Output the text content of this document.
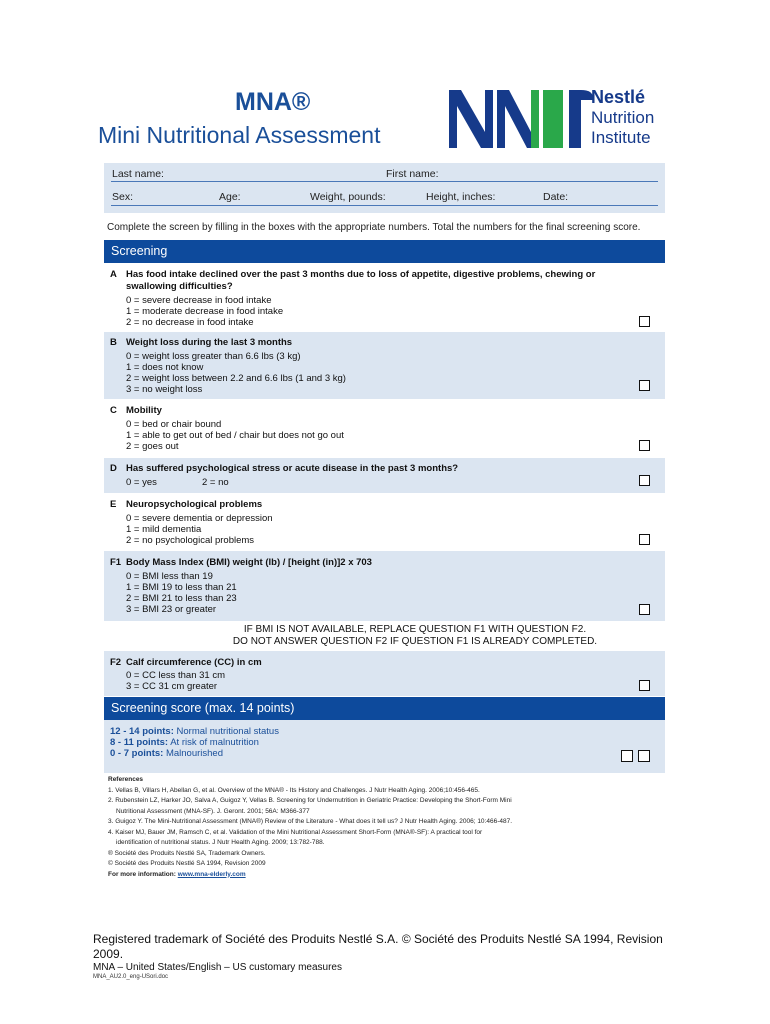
MNA®
Mini Nutritional Assessment
Nestlé
Nutrition
Institute
Last name:	First name:
Sex:	Age:	Weight, pounds:	Height, inches:	Date:
Complete the screen by filling in the boxes with the appropriate numbers. Total the numbers for the final screening score.
Screening
A Has food intake declined over the past 3 months due to loss of appetite, digestive problems, chewing or
swallowing difficulties?
0 = severe decrease in food intake
1 = moderate decrease in food intake
2 = no decrease in food intake
B Weight loss during the last 3 months
0 = weight loss greater than 6.6 lbs (3 kg)
1 = does not know
2 = weight loss between 2.2 and 6.6 lbs (1 and 3 kg)
3 = no weight loss
C Mobility
0 = bed or chair bound
1 = able to get out of bed / chair but does not go out
2 = goes out
D Has suffered psychological stress or acute disease in the past 3 months?
0 = yes	2 = no
E Neuropsychological problems
0 = severe dementia or depression
1 = mild dementia
2 = no psychological problems
F1 Body Mass Index (BMI) weight (lb) / [height (in)]2 x 703
0 = BMI less than 19
1 = BMI 19 to less than 21
2 = BMI 21 to less than 23
3 = BMI 23 or greater
IF BMI IS NOT AVAILABLE, REPLACE QUESTION F1 WITH QUESTION F2.
DO NOT ANSWER QUESTION F2 IF QUESTION F1 IS ALREADY COMPLETED.
F2 Calf circumference (CC) in cm
0 = CC less than 31 cm
3 = CC 31 cm greater
Screening score (max. 14 points)
12 - 14 points: Normal nutritional status
8 - 11 points: At risk of malnutrition
0 - 7 points: Malnourished
References
1. Vellas B, Villars H, Abellan G, et al. Overview of the MNA® - Its History and Challenges. J Nutr Health Aging. 2006;10:456-465.
2. Rubenstein LZ, Harker JO, Salva A, Guigoz Y, Vellas B. Screening for Undernutrition in Geriatric Practice: Developing the Short-Form Mini
Nutritional Assessment (MNA-SF). J. Geront. 2001; 56A: M366-377
3. Guigoz Y. The Mini-Nutritional Assessment (MNA®) Review of the Literature - What does it tell us? J Nutr Health Aging. 2006; 10:466-487.
4. Kaiser MJ, Bauer JM, Ramsch C, et al. Validation of the Mini Nutritional Assessment Short-Form (MNA®-SF): A practical tool for
identification of nutritional status. J Nutr Health Aging. 2009; 13:782-788.
® Société des Produits Nestlé SA, Trademark Owners.
© Société des Produits Nestlé SA 1994, Revision 2009
For more information: www.mna-elderly.com
Registered trademark of Société des Produits Nestlé S.A. © Société des Produits Nestlé SA 1994, Revision 2009.
MNA – United States/English – US customary measures
MNA_AU2.0_eng-USori.doc
